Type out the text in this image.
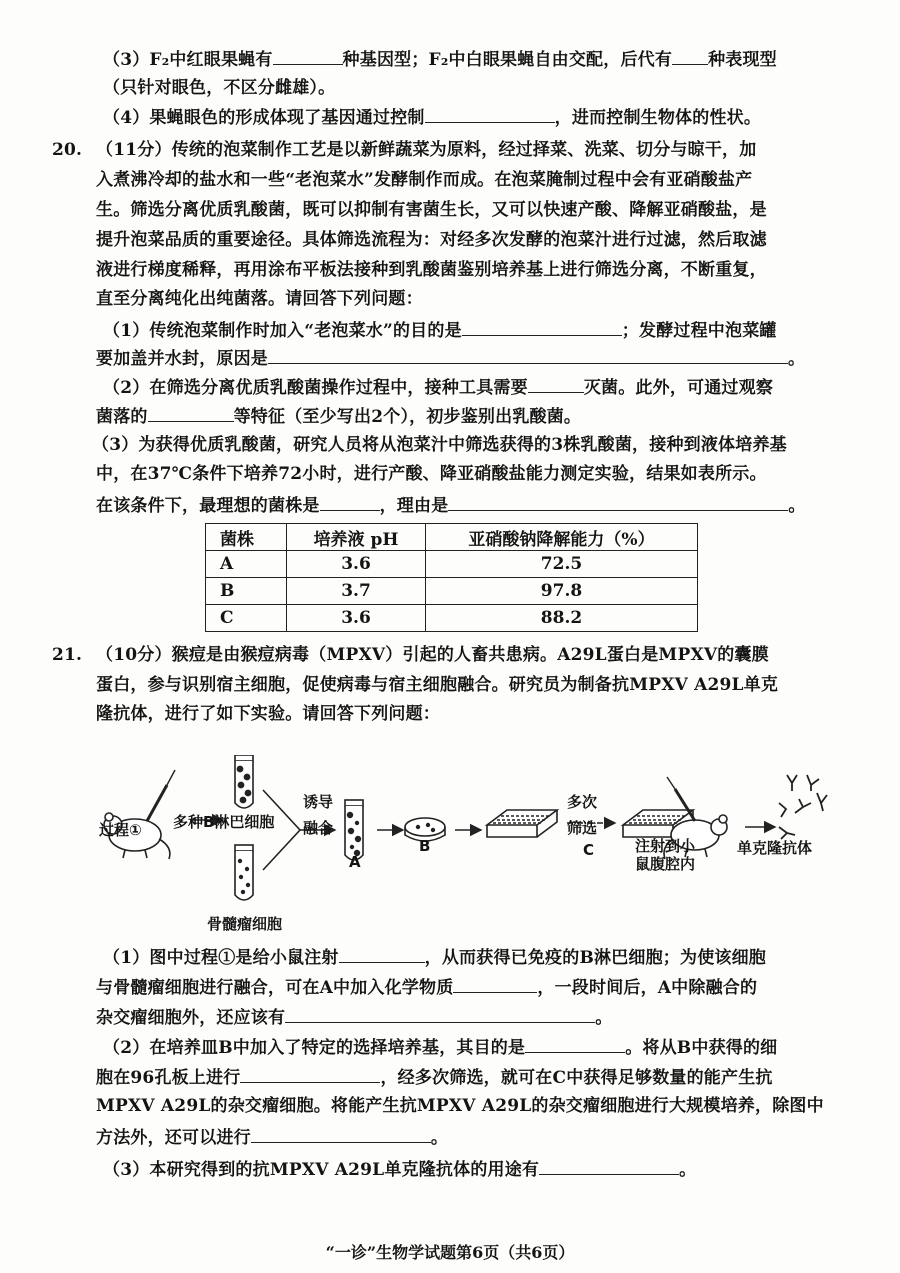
（3）F₂中红眼果蝇有	种基因型；F₂中白眼果蝇自由交配，后代有 种表现型
（只针对眼色，不区分雌雄）。
（4）果蝇眼色的形成体现了基因通过控制	，进而控制生物体的性状。
20. （11分）传统的泡菜制作工艺是以新鲜蔬菜为原料，经过择菜、洗菜、切分与晾干，加
入煮沸冷却的盐水和一些“老泡菜水”发酵制作而成。在泡菜腌制过程中会有亚硝酸盐产
生。筛选分离优质乳酸菌，既可以抑制有害菌生长，又可以快速产酸、降解亚硝酸盐，是
提升泡菜品质的重要途径。具体筛选流程为：对经多次发酵的泡菜汁进行过滤，然后取滤
液进行梯度稀释，再用涂布平板法接种到乳酸菌鉴别培养基上进行筛选分离，不断重复，
直至分离纯化出纯菌落。请回答下列问题：
（1）传统泡菜制作时加入“老泡菜水”的目的是	；发酵过程中泡菜罐
要加盖并水封，原因是	。
（2）在筛选分离优质乳酸菌操作过程中，接种工具需要	灭菌。此外，可通过观察
菌落的	等特征（至少写出2个），初步鉴别出乳酸菌。
（3）为获得优质乳酸菌，研究人员将从泡菜汁中筛选获得的3株乳酸菌，接种到液体培养基
中，在37℃条件下培养72小时，进行产酸、降亚硝酸盐能力测定实验，结果如表所示。
在该条件下，最理想的菌株是	，理由是	。
菌株	培养液 pH	亚硝酸钠降解能力（%）
A	3.6	72.5
B	3.7	97.8
C	3.6	88.2
21. （10分）猴痘是由猴痘病毒（MPXV）引起的人畜共患病。A29L蛋白是MPXV的囊膜
蛋白，参与识别宿主细胞，促使病毒与宿主细胞融合。研究员为制备抗MPXV A29L单克
隆抗体，进行了如下实验。请回答下列问题：
过程① 多种B淋巴细胞
骨髓瘤细胞
诱导
融合
A
B
多次
筛选
C	注射到小
鼠腹腔内
单克隆抗体
（1）图中过程①是给小鼠注射	，从而获得已免疫的B淋巴细胞；为使该细胞
与骨髓瘤细胞进行融合，可在A中加入化学物质	，一段时间后，A中除融合的
杂交瘤细胞外，还应该有	。
（2）在培养皿B中加入了特定的选择培养基，其目的是	。将从B中获得的细
胞在96孔板上进行	，经多次筛选，就可在C中获得足够数量的能产生抗
MPXV A29L的杂交瘤细胞。将能产生抗MPXV A29L的杂交瘤细胞进行大规模培养，除图中
方法外，还可以进行	。
（3）本研究得到的抗MPXV A29L单克隆抗体的用途有	。
“一诊”生物学试题第6页（共6页）
